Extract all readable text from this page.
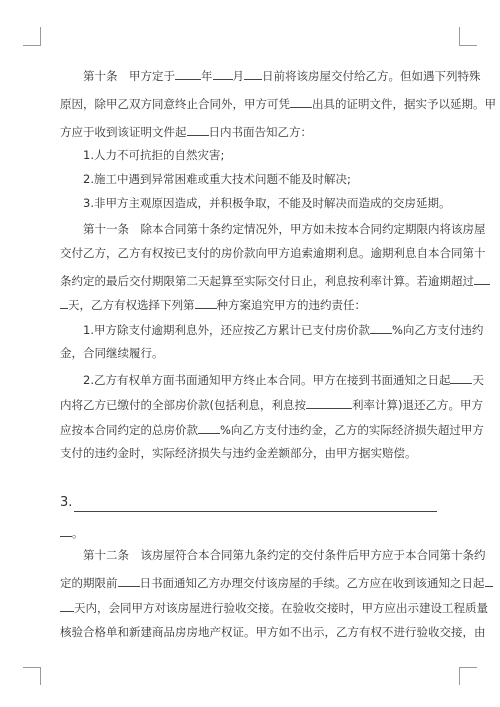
第十条　甲方定于 年 月 日前将该房屋交付给乙方。但如遇下列特殊
原因，除甲乙双方同意终止合同外，甲方可凭 出具的证明文件，据实予以延期。甲
方应于收到该证明文件起 日内书面告知乙方：
1.人力不可抗拒的自然灾害;
2.施工中遇到异常困难或重大技术问题不能及时解决;
3.非甲方主观原因造成，并积极争取，不能及时解决而造成的交房延期。
第十一条　除本合同第十条约定情况外，甲方如未按本合同约定期限内将该房屋
交付乙方，乙方有权按已支付的房价款向甲方追索逾期利息。逾期利息自本合同第十
条约定的最后交付期限第二天起算至实际交付日止，利息按利率计算。若逾期超过
天，乙方有权选择下列第 种方案追究甲方的违约责任：
1.甲方除支付逾期利息外，还应按乙方累计已支付房价款 %向乙方支付违约
金，合同继续履行。
2.乙方有权单方面书面通知甲方终止本合同。甲方在接到书面通知之日起 天
内将乙方已缴付的全部房价款(包括利息，利息按	利率计算)退还乙方。甲方
应按本合同约定的总房价款 %向乙方支付违约金，乙方的实际经济损失超过甲方
支付的违约金时，实际经济损失与违约金差额部分，由甲方据实赔偿。
3.
。
第十二条　该房屋符合本合同第九条约定的交付条件后甲方应于本合同第十条约
定的期限前 日书面通知乙方办理交付该房屋的手续。乙方应在收到该通知之日起
天内，会同甲方对该房屋进行验收交接。在验收交接时，甲方应出示建设工程质量
核验合格单和新建商品房房地产权证。甲方如不出示，乙方有权不进行验收交接，由
